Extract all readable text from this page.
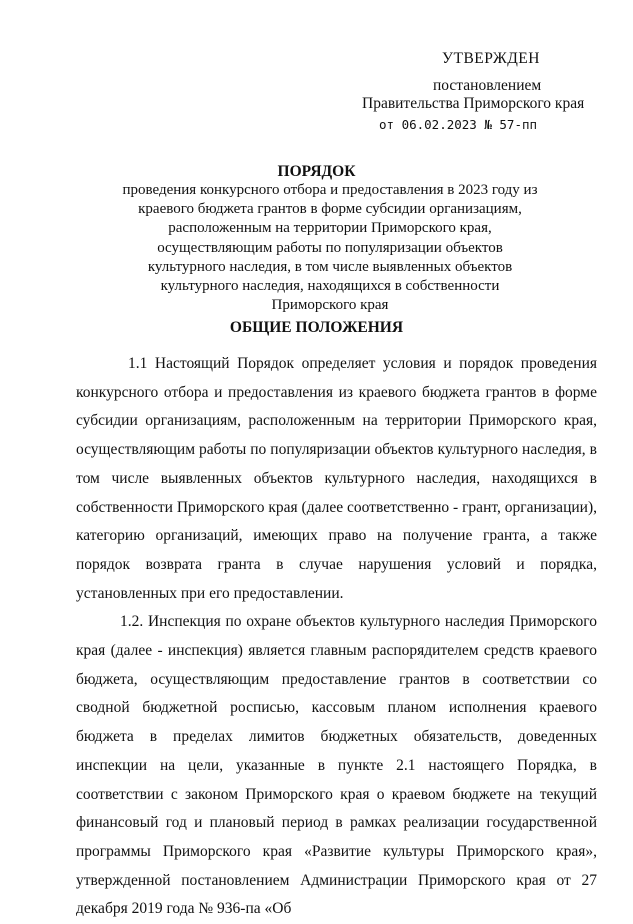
УТВЕРЖДЕН
постановлением
Правительства Приморского края
от 06.02.2023 № 57-пп
ПОРЯДОК
проведения конкурсного отбора и предоставления в 2023 году из
краевого бюджета грантов в форме субсидии организациям,
расположенным на территории Приморского края,
осуществляющим работы по популяризации объектов
культурного наследия, в том числе выявленных объектов
культурного наследия, находящихся в собственности
Приморского края
ОБЩИЕ ПОЛОЖЕНИЯ

1.1 Настоящий Порядок определяет условия и порядок проведения конкурсного отбора и предоставления из краевого бюджета грантов в форме субсидии организациям, расположенным на территории Приморского края, осуществляющим работы по популяризации объектов культурного наследия, в том числе выявленных объектов культурного наследия, находящихся в собственности Приморского края (далее соответственно - грант, организации), категорию организаций, имеющих право на получение гранта, а также порядок возврата гранта в случае нарушения условий и порядка, установленных при его предоставлении.

1.2. Инспекция по охране объектов культурного наследия Приморского края (далее - инспекция) является главным распорядителем средств краевого бюджета, осуществляющим предоставление грантов в соответствии со сводной бюджетной росписью, кассовым планом исполнения краевого бюджета в пределах лимитов бюджетных обязательств, доведенных инспекции на цели, указанные в пункте 2.1 настоящего Порядка, в соответствии с законом Приморского края о краевом бюджете на текущий финансовый год и плановый период в рамках реализации государственной программы Приморского края «Развитие культуры Приморского края», утвержденной постановлением Администрации Приморского края от 27 декабря 2019 года № 936-па «Об
